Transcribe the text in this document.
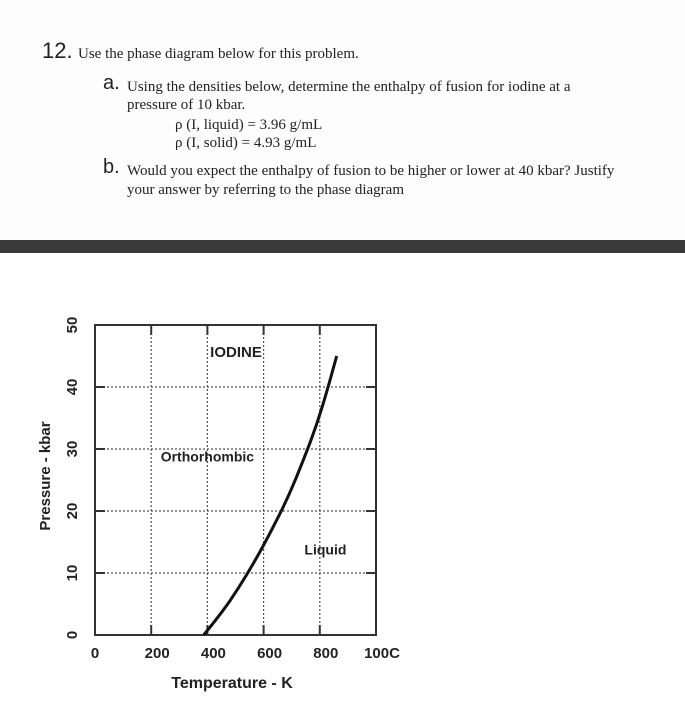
12. Use the phase diagram below for this problem.
a. Using the densities below, determine the enthalpy of fusion for iodine at a
pressure of 10 kbar.
ρ (I, liquid) = 3.96 g/mL
ρ (I, solid) = 4.93 g/mL
b. Would you expect the enthalpy of fusion to be higher or lower at 40 kbar? Justify
your answer by referring to the phase diagram
0	200 400 600 800 100C
0
10
20
30
40
50
IODINE
Orthorhombic
Liquid
Temperature - K
Pressure - kbar
